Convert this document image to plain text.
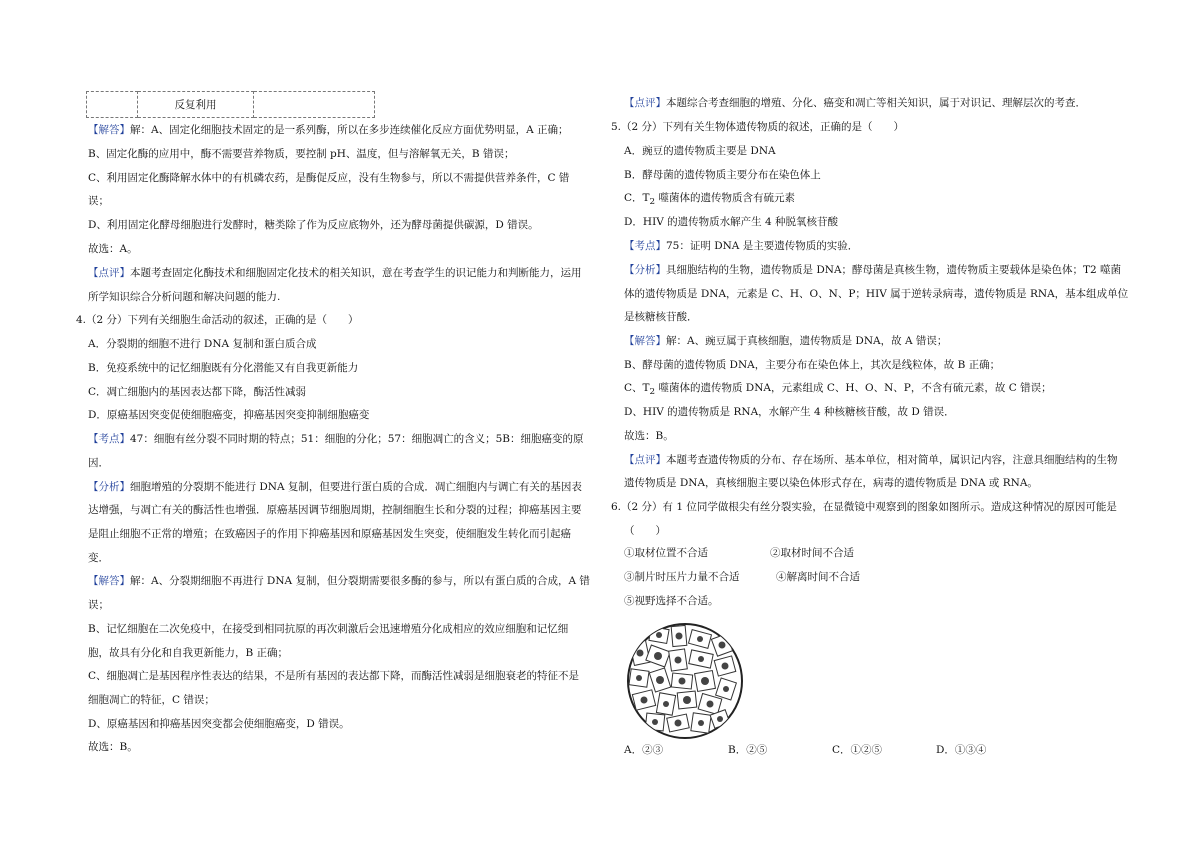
	反复利用	
【解答】解：A、固定化细胞技术固定的是一系列酶，所以在多步连续催化反应方面优势明显，A 正确；
B、固定化酶的应用中，酶不需要营养物质，要控制 pH、温度，但与溶解氧无关，B 错误；
C、利用固定化酶降解水体中的有机磷农药，是酶促反应，没有生物参与，所以不需提供营养条件，C 错
误；
D、利用固定化酵母细胞进行发酵时，糖类除了作为反应底物外，还为酵母菌提供碳源，D 错误。
故选：A。
【点评】本题考查固定化酶技术和细胞固定化技术的相关知识，意在考查学生的识记能力和判断能力，运用
所学知识综合分析问题和解决问题的能力.
4.（2 分）下列有关细胞生命活动的叙述，正确的是（　　）
A．分裂期的细胞不进行 DNA 复制和蛋白质合成
B．免疫系统中的记忆细胞既有分化潜能又有自我更新能力
C．凋亡细胞内的基因表达都下降，酶活性减弱
D．原癌基因突变促使细胞癌变，抑癌基因突变抑制细胞癌变
【考点】47：细胞有丝分裂不同时期的特点；51：细胞的分化；57：细胞凋亡的含义；5B：细胞癌变的原
因．
【分析】细胞增殖的分裂期不能进行 DNA 复制，但要进行蛋白质的合成．凋亡细胞内与调亡有关的基因表
达增强，与凋亡有关的酶活性也增强．原癌基因调节细胞周期，控制细胞生长和分裂的过程；抑癌基因主要
是阻止细胞不正常的增殖；在致癌因子的作用下抑癌基因和原癌基因发生突变，使细胞发生转化而引起癌
变．
【解答】解：A、分裂期细胞不再进行 DNA 复制，但分裂期需要很多酶的参与，所以有蛋白质的合成，A 错
误；
B、记忆细胞在二次免疫中，在接受到相同抗原的再次刺激后会迅速增殖分化成相应的效应细胞和记忆细
胞，故具有分化和自我更新能力，B 正确；
C、细胞凋亡是基因程序性表达的结果，不是所有基因的表达都下降，而酶活性减弱是细胞衰老的特征不是
细胞凋亡的特征，C 错误；
D、原癌基因和抑癌基因突变都会使细胞癌变，D 错误。
故选：B。
【点评】本题综合考查细胞的增殖、分化、癌变和凋亡等相关知识，属于对识记、理解层次的考查．
5.（2 分）下列有关生物体遗传物质的叙述，正确的是（　　）
A．豌豆的遗传物质主要是 DNA
B．酵母菌的遗传物质主要分布在染色体上
C．$T_2$ 噬菌体的遗传物质含有硫元素
D．HIV 的遗传物质水解产生 4 种脱氧核苷酸
【考点】75：证明 DNA 是主要遗传物质的实验．
【分析】具细胞结构的生物，遗传物质是 DNA；酵母菌是真核生物，遗传物质主要载体是染色体；T2 噬菌
体的遗传物质是 DNA，元素是 C、H、O、N、P；HIV 属于逆转录病毒，遗传物质是 RNA，基本组成单位
是核糖核苷酸．
【解答】解：A、豌豆属于真核细胞，遗传物质是 DNA，故 A 错误；
B、酵母菌的遗传物质 DNA，主要分布在染色体上，其次是线粒体，故 B 正确；
C、$T_2$ 噬菌体的遗传物质 DNA，元素组成 C、H、O、N、P，不含有硫元素，故 C 错误；
D、HIV 的遗传物质是 RNA，水解产生 4 种核糖核苷酸，故 D 错误．
故选：B。
【点评】本题考查遗传物质的分布、存在场所、基本单位，相对简单，属识记内容，注意具细胞结构的生物
遗传物质是 DNA，真核细胞主要以染色体形式存在，病毒的遗传物质是 DNA 或 RNA。
6.（2 分）有 1 位同学做根尖有丝分裂实验，在显微镜中观察到的图象如图所示。造成这种情况的原因可能是
（　　）
①取材位置不合适	②取材时间不合适
③制片时压片力量不合适	④解离时间不合适
⑤视野选择不合适。
A．②③	B．②⑤	C．①②⑤	D．①③④
